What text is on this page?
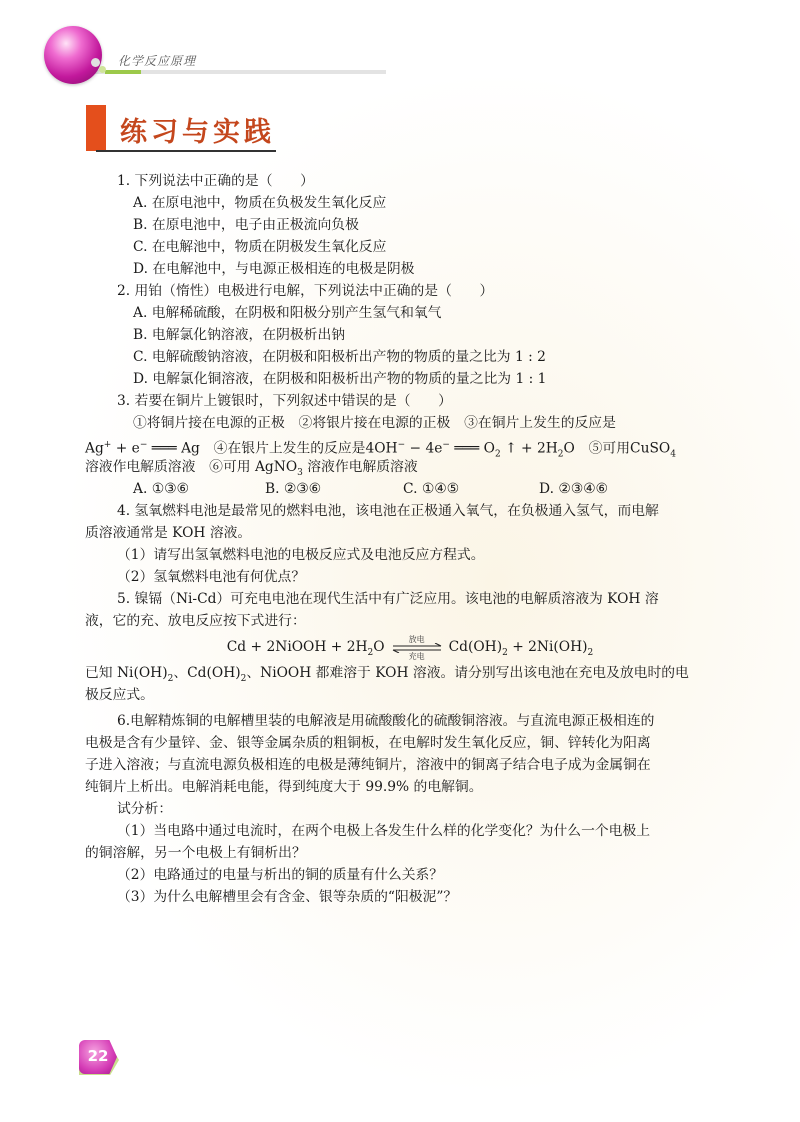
化学反应原理
练习与实践

1. 下列说法中正确的是（　　）

A. 在原电池中，物质在负极发生氧化反应

B. 在原电池中，电子由正极流向负极

C. 在电解池中，物质在阴极发生氧化反应

D. 在电解池中，与电源正极相连的电极是阴极

2. 用铂（惰性）电极进行电解，下列说法中正确的是（　　）

A. 电解稀硫酸，在阴极和阳极分别产生氢气和氧气

B. 电解氯化钠溶液，在阴极析出钠

C. 电解硫酸钠溶液，在阴极和阳极析出产物的物质的量之比为 1 : 2

D. 电解氯化铜溶液，在阴极和阳极析出产物的物质的量之比为 1 : 1

3. 若要在铜片上镀银时，下列叙述中错误的是（　　）

①将铜片接在电源的正极　②将银片接在电源的正极　③在铜片上发生的反应是

Ag+ + e− ═══ Ag　④在银片上发生的反应是4OH− − 4e− ═══ $O_2$ ↑ + $2H_2O$　⑤可用CuSO$_4$

溶液作电解质溶液　⑥可用 AgNO$_3$ 溶液作电解质溶液

A. ①③⑥	B. ②③⑥	C. ①④⑤	D. ②③④⑥

4. 氢氧燃料电池是最常见的燃料电池，该电池在正极通入氧气，在负极通入氢气，而电解

质溶液通常是 KOH 溶液。

（1）请写出氢氧燃料电池的电极反应式及电池反应方程式。

（2）氢氧燃料电池有何优点？

5. 镍镉（Ni-Cd）可充电电池在现代生活中有广泛应用。该电池的电解质溶液为 KOH 溶

液，它的充、放电反应按下式进行：

Cd + 2NiOOH + $2H_2O$	放电
充电
$Cd(OH)_2 + 2Ni(OH)_2$

已知 $Ni(OH)_2$、$Cd(OH)_2$、NiOOH 都难溶于 KOH 溶液。请分别写出该电池在充电及放电时的电

极反应式。

6.电解精炼铜的电解槽里装的电解液是用硫酸酸化的硫酸铜溶液。与直流电源正极相连的

电极是含有少量锌、金、银等金属杂质的粗铜板，在电解时发生氧化反应，铜、锌转化为阳离

子进入溶液；与直流电源负极相连的电极是薄纯铜片，溶液中的铜离子结合电子成为金属铜在

纯铜片上析出。电解消耗电能，得到纯度大于 99.9% 的电解铜。

试分析：

（1）当电路中通过电流时，在两个电极上各发生什么样的化学变化？为什么一个电极上

的铜溶解，另一个电极上有铜析出？

（2）电路通过的电量与析出的铜的质量有什么关系？

（3）为什么电解槽里会有含金、银等杂质的“阳极泥”？

22
